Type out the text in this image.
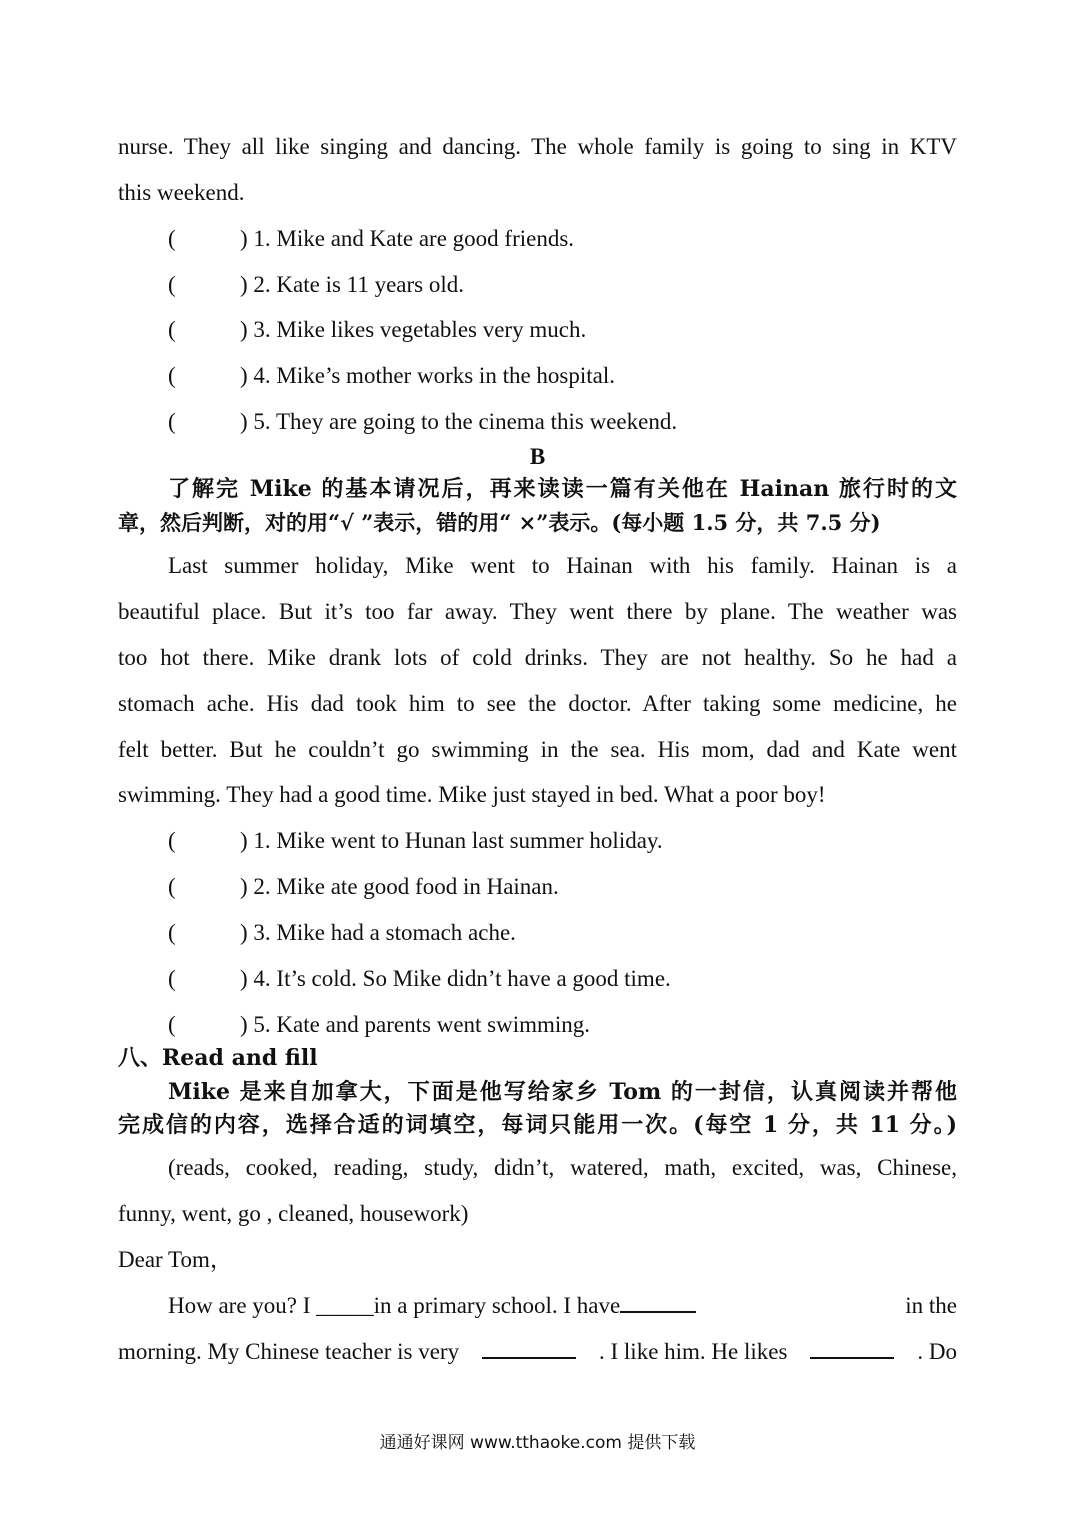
nurse. They all like singing and dancing. The whole family is going to sing in KTV
this weekend.
(	) 1. Mike and Kate are good friends.
(	) 2. Kate is 11 years old.
(	) 3. Mike likes vegetables very much.
(	) 4. Mike’s mother works in the hospital.
(	) 5. They are going to the cinema this weekend.
B
了解完 Mike 的基本请况后，再来读读一篇有关他在 Hainan 旅行时的文
章，然后判断，对的用“√ ”表示，错的用“ ×”表示。(每小题 1.5 分，共 7.5 分)
Last summer holiday, Mike went to Hainan with his family. Hainan is a
beautiful place. But it’s too far away. They went there by plane. The weather was
too hot there. Mike drank lots of cold drinks. They are not healthy. So he had a
stomach ache. His dad took him to see the doctor. After taking some medicine, he
felt better. But he couldn’t go swimming in the sea. His mom, dad and Kate went
swimming. They had a good time. Mike just stayed in bed. What a poor boy!
(	) 1. Mike went to Hunan last summer holiday.
(	) 2. Mike ate good food in Hainan.
(	) 3. Mike had a stomach ache.
(	) 4. It’s cold. So Mike didn’t have a good time.
(	) 5. Kate and parents went swimming.
八、Read and fill
Mike 是来自加拿大，下面是他写给家乡 Tom 的一封信，认真阅读并帮他
完成信的内容，选择合适的词填空，每词只能用一次。(每空 1 分，共 11 分。)
(reads, cooked, reading, study, didn’t, watered, math, excited, was, Chinese,
funny, went, go , cleaned, housework)
Dear Tom，
How are you? I _____in a primary school. I have	in the
morning. My Chinese teacher is very	. I like him. He likes	. Do
通通好课网 www.tthaoke.com 提供下载
